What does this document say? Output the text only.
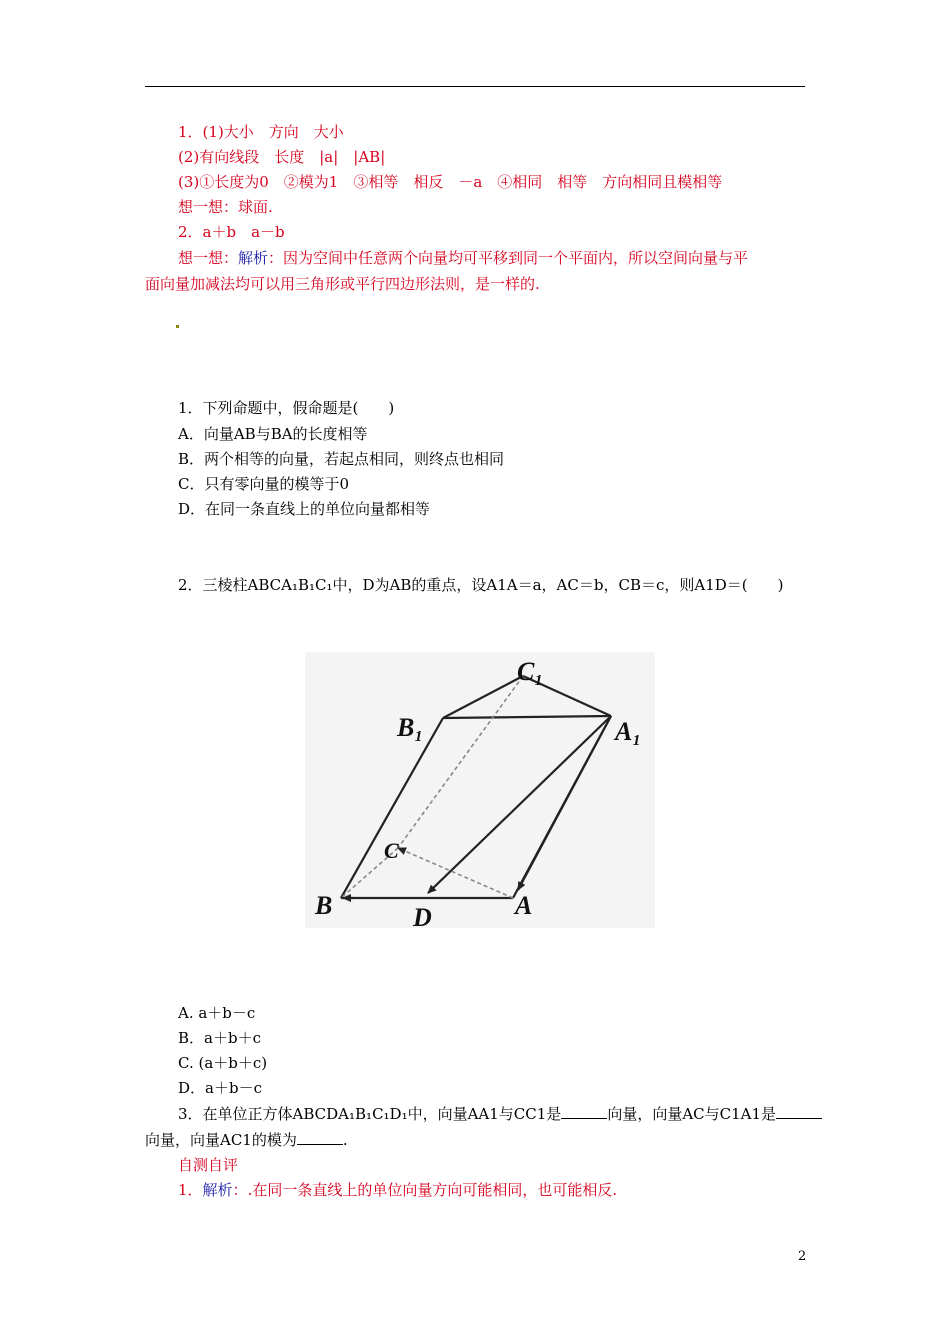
1．(1)大小　方向　大小
(2)有向线段　长度　|a|　|AB|
(3)①长度为0　②模为1　③相等　相反　－a　④相同　相等　方向相同且模相等
想一想：球面.
2．a＋b　a－b
想一想：解析：因为空间中任意两个向量均可平移到同一个平面内，所以空间向量与平
面向量加减法均可以用三角形或平行四边形法则，是一样的.
1．下列命题中，假命题是(　　)
A．向量AB与BA的长度相等
B．两个相等的向量，若起点相同，则终点也相同
C．只有零向量的模等于0
D．在同一条直线上的单位向量都相等
2．三棱柱ABCA₁B₁C₁中，D为AB的重点，设A1A＝a，AC＝b，CB＝c，则A1D＝(　　)
C₁
B₁	A₁
C
B	D	A
A. a＋b－c
B．a＋b＋c
C. (a＋b＋c)
D．a＋b－c
3．在单位正方体ABCDA₁B₁C₁D₁中，向量AA1与CC1是	向量，向量AC与C1A1是
向量，向量AC1的模为	.
自测自评
1．解析：.在同一条直线上的单位向量方向可能相同，也可能相反.
2
